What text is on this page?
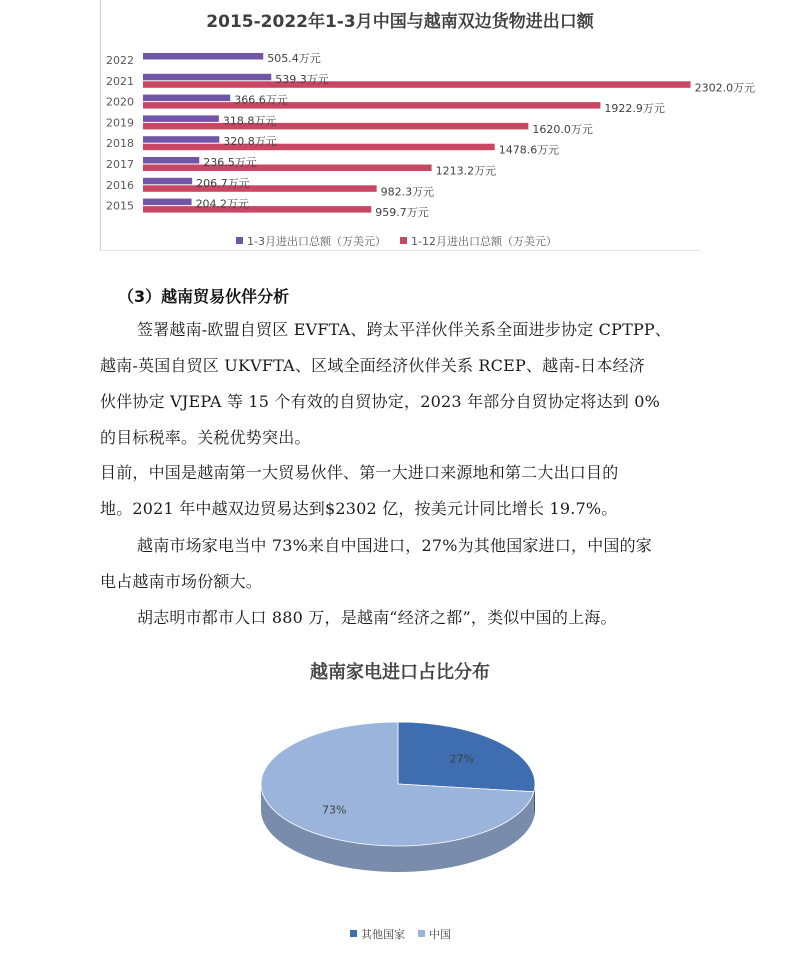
2015-2022年1-3月中国与越南双边货物进出口额
2022
2021
2020
2019
2018
2017
2016
2015
505.4万元
539.3万元
2302.0万元
366.6万元
1922.9万元
318.8万元
1620.0万元
320.8万元
1478.6万元
236.5万元
1213.2万元
206.7万元
982.3万元
204.2万元
959.7万元
1-3月进出口总额（万美元） 1-12月进出口总额（万美元）
（3）越南贸易伙伴分析
签署越南-欧盟自贸区 EVFTA、跨太平洋伙伴关系全面进步协定 CPTPP、
越南-英国自贸区 UKVFTA、区域全面经济伙伴关系 RCEP、越南-日本经济
伙伴协定 VJEPA 等 15 个有效的自贸协定，2023 年部分自贸协定将达到 0%
的目标税率。关税优势突出。
目前，中国是越南第一大贸易伙伴、第一大进口来源地和第二大出口目的
地。2021 年中越双边贸易达到$2302 亿，按美元计同比增长 19.7%。
越南市场家电当中 73%来自中国进口，27%为其他国家进口，中国的家
电占越南市场份额大。
胡志明市都市人口 880 万，是越南“经济之都”，类似中国的上海。
越南家电进口占比分布
27%
73%
其他国家 中国
